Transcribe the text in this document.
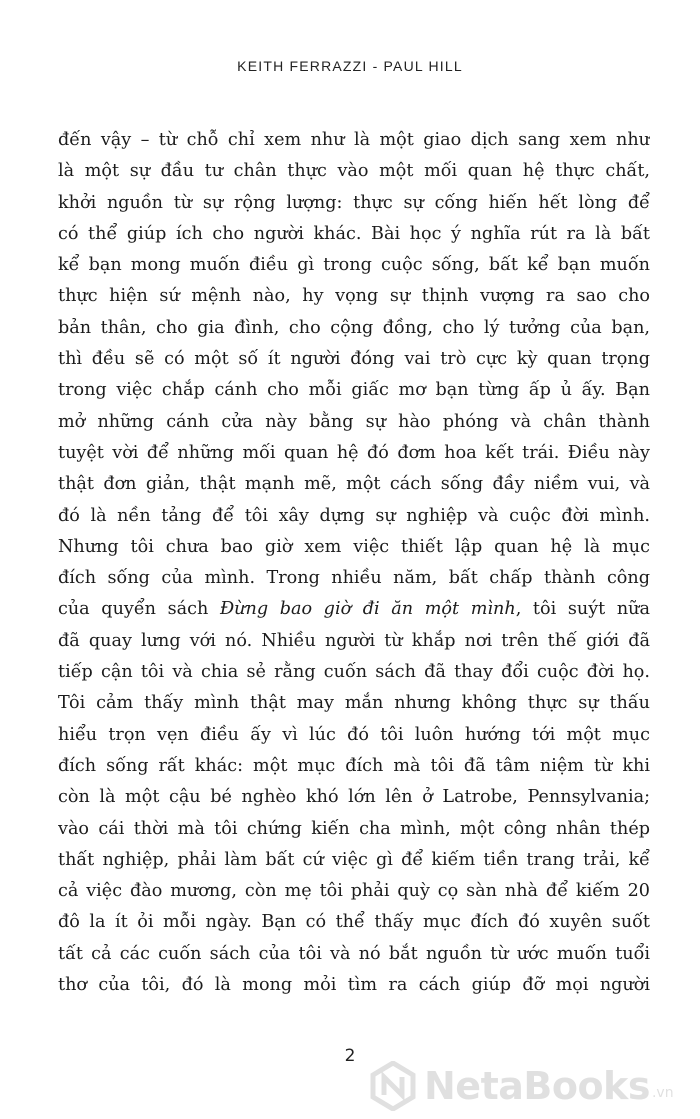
KEITH FERRAZZI - PAUL HILL
đến vậy – từ chỗ chỉ xem như là một giao dịch sang xem như
là một sự đầu tư chân thực vào một mối quan hệ thực chất,
khởi nguồn từ sự rộng lượng: thực sự cống hiến hết lòng để
có thể giúp ích cho người khác. Bài học ý nghĩa rút ra là bất
kể bạn mong muốn điều gì trong cuộc sống, bất kể bạn muốn
thực hiện sứ mệnh nào, hy vọng sự thịnh vượng ra sao cho
bản thân, cho gia đình, cho cộng đồng, cho lý tưởng của bạn,
thì đều sẽ có một số ít người đóng vai trò cực kỳ quan trọng
trong việc chắp cánh cho mỗi giấc mơ bạn từng ấp ủ ấy. Bạn
mở những cánh cửa này bằng sự hào phóng và chân thành
tuyệt vời để những mối quan hệ đó đơm hoa kết trái. Điều này
thật đơn giản, thật mạnh mẽ, một cách sống đầy niềm vui, và
đó là nền tảng để tôi xây dựng sự nghiệp và cuộc đời mình.
Nhưng tôi chưa bao giờ xem việc thiết lập quan hệ là mục
đích sống của mình. Trong nhiều năm, bất chấp thành công
của quyển sách Đừng bao giờ đi ăn một mình, tôi suýt nữa
đã quay lưng với nó. Nhiều người từ khắp nơi trên thế giới đã
tiếp cận tôi và chia sẻ rằng cuốn sách đã thay đổi cuộc đời họ.
Tôi cảm thấy mình thật may mắn nhưng không thực sự thấu
hiểu trọn vẹn điều ấy vì lúc đó tôi luôn hướng tới một mục
đích sống rất khác: một mục đích mà tôi đã tâm niệm từ khi
còn là một cậu bé nghèo khó lớn lên ở Latrobe, Pennsylvania;
vào cái thời mà tôi chứng kiến cha mình, một công nhân thép
thất nghiệp, phải làm bất cứ việc gì để kiếm tiền trang trải, kể
cả việc đào mương, còn mẹ tôi phải quỳ cọ sàn nhà để kiếm 20
đô la ít ỏi mỗi ngày. Bạn có thể thấy mục đích đó xuyên suốt
tất cả các cuốn sách của tôi và nó bắt nguồn từ ước muốn tuổi
thơ của tôi, đó là mong mỏi tìm ra cách giúp đỡ mọi người
2
NetaBooks .vn
